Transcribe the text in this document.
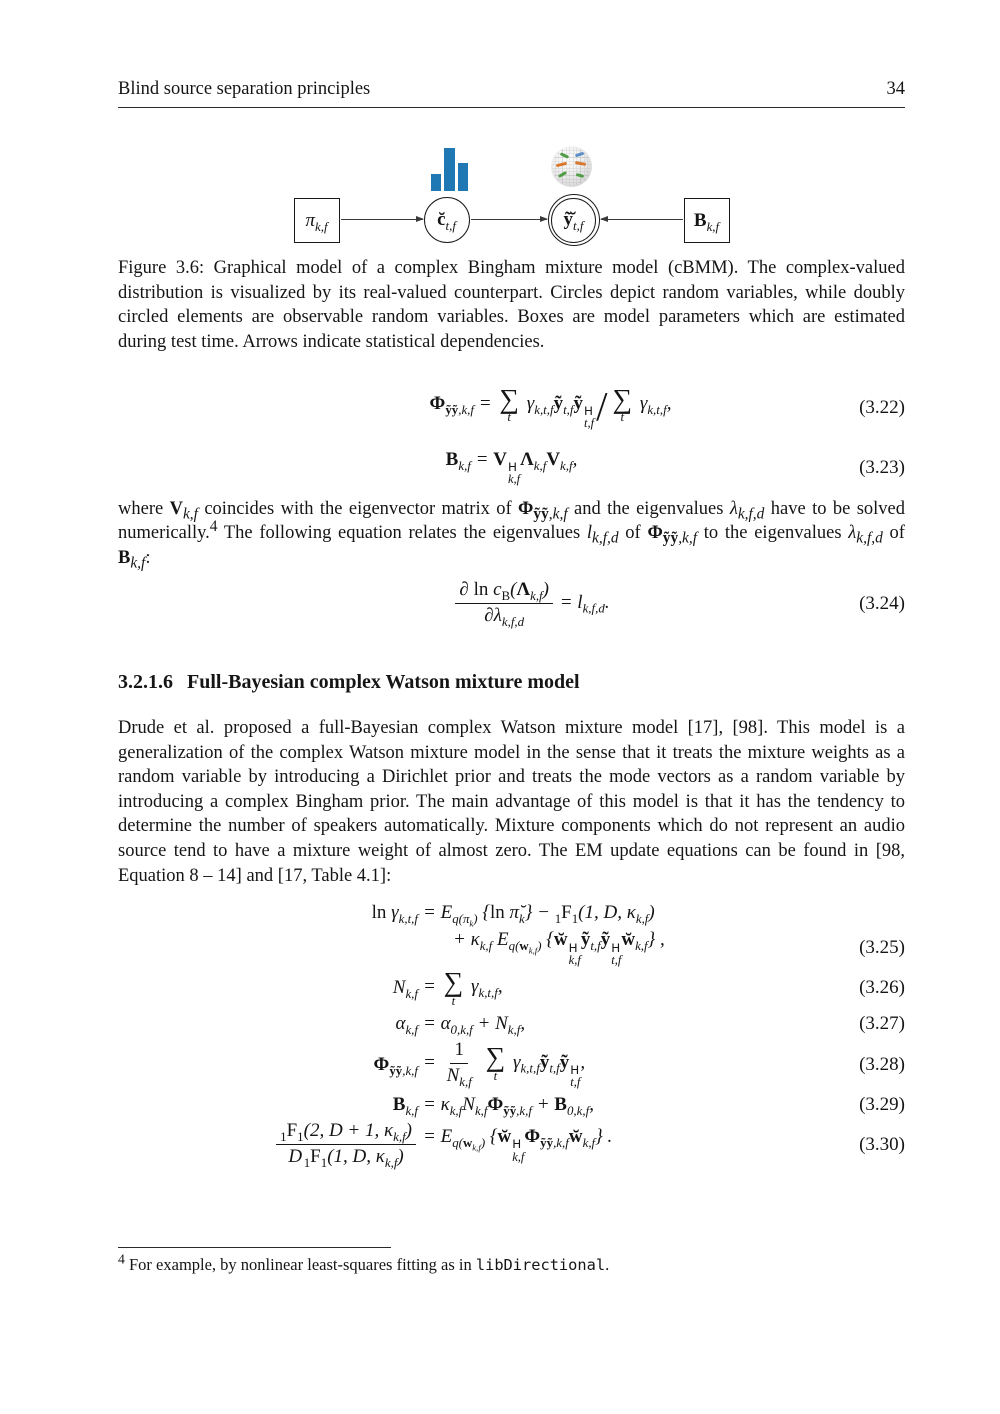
Blind source separation principles	34
$\pi_{k,f}$	$c̆_{t,f}$	$ỹ̆_{t,f}$	$B_{k,f}$

Figure 3.6: Graphical model of a complex Bingham mixture model (cBMM). The complex-valued distribution is visualized by its real-valued counterpart. Circles depict random variables, while doubly circled elements are observable random variables. Boxes are model parameters which are estimated during test time. Arrows indicate statistical dependencies.

$\Phi_{ỹỹ,k,f}$ = ∑
t
$\gamma_{k,t,f}ỹ_{t,f}ỹ$ H
t,f / ∑
t
$\gamma_{k,t,f}$,	(3.22)
$B_{k,f} = V$ H
k,f
$\Lambda_{k,f}V_{k,f}$,	(3.23)

where $V_{k,f}$ coincides with the eigenvector matrix of $\Phi_{ỹỹ,k,f}$ and the eigenvalues $\lambda_{k,f,d}$ have to be solved numerically.$^4$ The following equation relates the eigenvalues $l_{k,f,d}$ of $\Phi_{ỹỹ,k,f}$ to the eigenvalues $\lambda_{k,f,d}$ of $B_{k,f}$:

$\frac{\partial \ln c_B(\Lambda_{k,f})}{\partial\lambda_{k,f,d}} = l_{k,f,d}$.	(3.24)
3.2.1.6 Full-Bayesian complex Watson mixture model

Drude et al. proposed a full-Bayesian complex Watson mixture model [17], [98]. This model is a generalization of the complex Watson mixture model in the sense that it treats the mixture weights as a random variable by introducing a Dirichlet prior and treats the mode vectors as a random variable by introducing a complex Bingham prior. The main advantage of this model is that it has the tendency to determine the number of speakers automatically. Mixture components which do not represent an audio source tend to have a mixture weight of almost zero. The EM update equations can be found in [98, Equation 8 – 14] and [17, Table 4.1]:

$\ln \gamma_{k,t,f} = E_{q(\pi_k)}$ {ln $\pĭ_k\} - _1F_1(1$, D, $\kappa_{k,f}$)
+ $\kappa_{k,f}$ $E_{q(w_{k,f})}$ {w̆ H
k,f
ỹ$_{t,f}$ỹ H
t,f
$w̆_{k,f}$} ,	(3.25)
$N_{k,f}$ = ∑
t
$\gamma_{k,t,f}$,	(3.26)
$\alpha_{k,f} = \alpha_{0,k,f} + N_{k,f}$,	(3.27)
$\Phi_{ỹỹ,k,f} = \frac{1}{N_{k,f}}$
∑
t
$\gamma_{k,t,f}ỹ_{t,f}ỹ$ H
t,f
,	(3.28)
$B_{k,f} = \kappa_{k,f}N_{k,f}\Phi_{ỹỹ,k,f} + B_{0,k,f}$,	(3.29)
$\frac{_1F_1(2, D + 1, \kappa_{k,f})}{D _1F_1(1, D, \kappa_{k,f})} = E_{q(w_{k,f})}$ {w̆ H
k,f
$\Phi_{ỹỹ,k,f}w̆_{k,f}$} .	(3.30)
$^4$ For example, by nonlinear least-squares fitting as in libDirectional.
